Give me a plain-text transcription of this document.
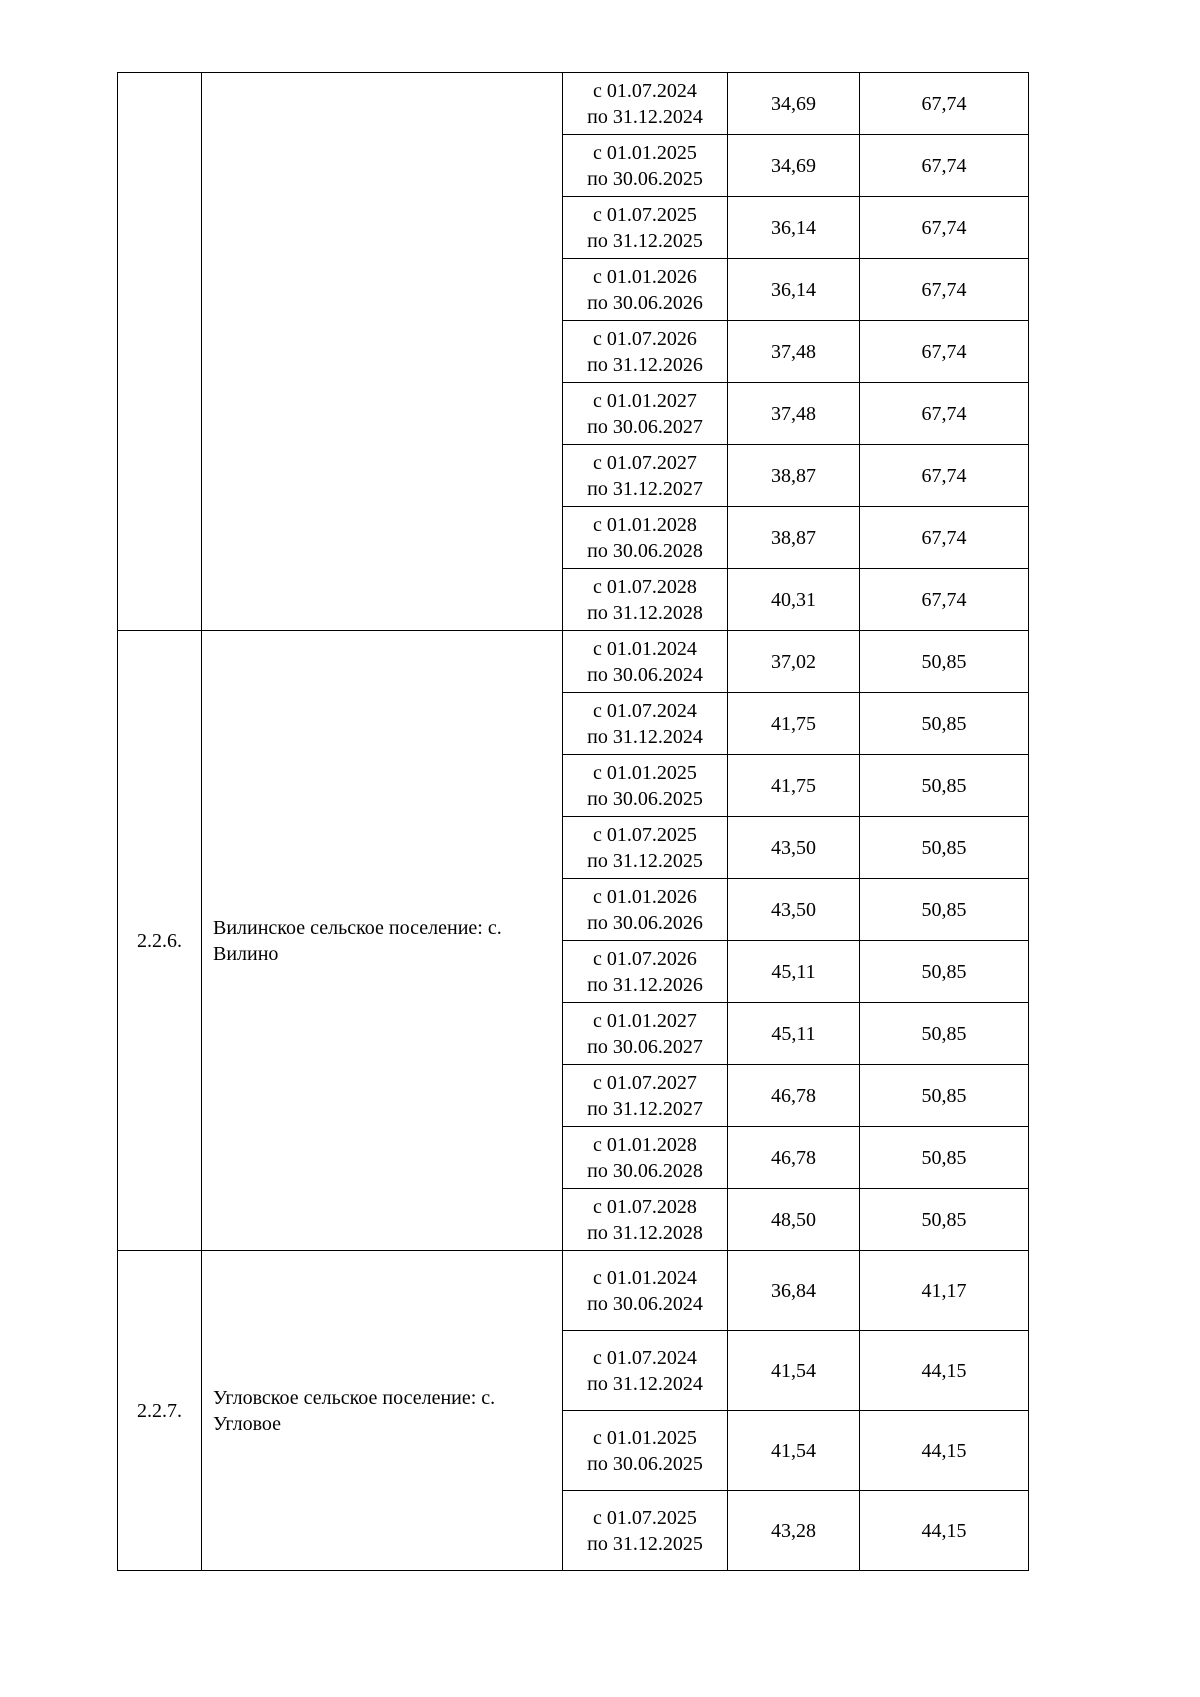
		с 01.07.2024
по 31.12.2024	34,69	67,74

		с 01.01.2025
по 30.06.2025	34,69	67,74

		с 01.07.2025
по 31.12.2025	36,14	67,74

		с 01.01.2026
по 30.06.2026	36,14	67,74

		с 01.07.2026
по 31.12.2026	37,48	67,74

		с 01.01.2027
по 30.06.2027	37,48	67,74

		с 01.07.2027
по 31.12.2027	38,87	67,74

		с 01.01.2028
по 30.06.2028	38,87	67,74

		с 01.07.2028
по 31.12.2028	40,31	67,74
2.2.6.	Вилинское сельское поселение: с. Вилино	с 01.01.2024
по 30.06.2024	37,02	50,85

		с 01.07.2024
по 31.12.2024	41,75	50,85

		с 01.01.2025
по 30.06.2025	41,75	50,85

		с 01.07.2025
по 31.12.2025	43,50	50,85

		с 01.01.2026
по 30.06.2026	43,50	50,85

		с 01.07.2026
по 31.12.2026	45,11	50,85

		с 01.01.2027
по 30.06.2027	45,11	50,85

		с 01.07.2027
по 31.12.2027	46,78	50,85

		с 01.01.2028
по 30.06.2028	46,78	50,85

		с 01.07.2028
по 31.12.2028	48,50	50,85
2.2.7.	Угловское сельское поселение: с. Угловое	с 01.01.2024
по 30.06.2024	36,84	41,17

		с 01.07.2024
по 31.12.2024	41,54	44,15

		с 01.01.2025
по 30.06.2025	41,54	44,15

		с 01.07.2025
по 31.12.2025	43,28	44,15
